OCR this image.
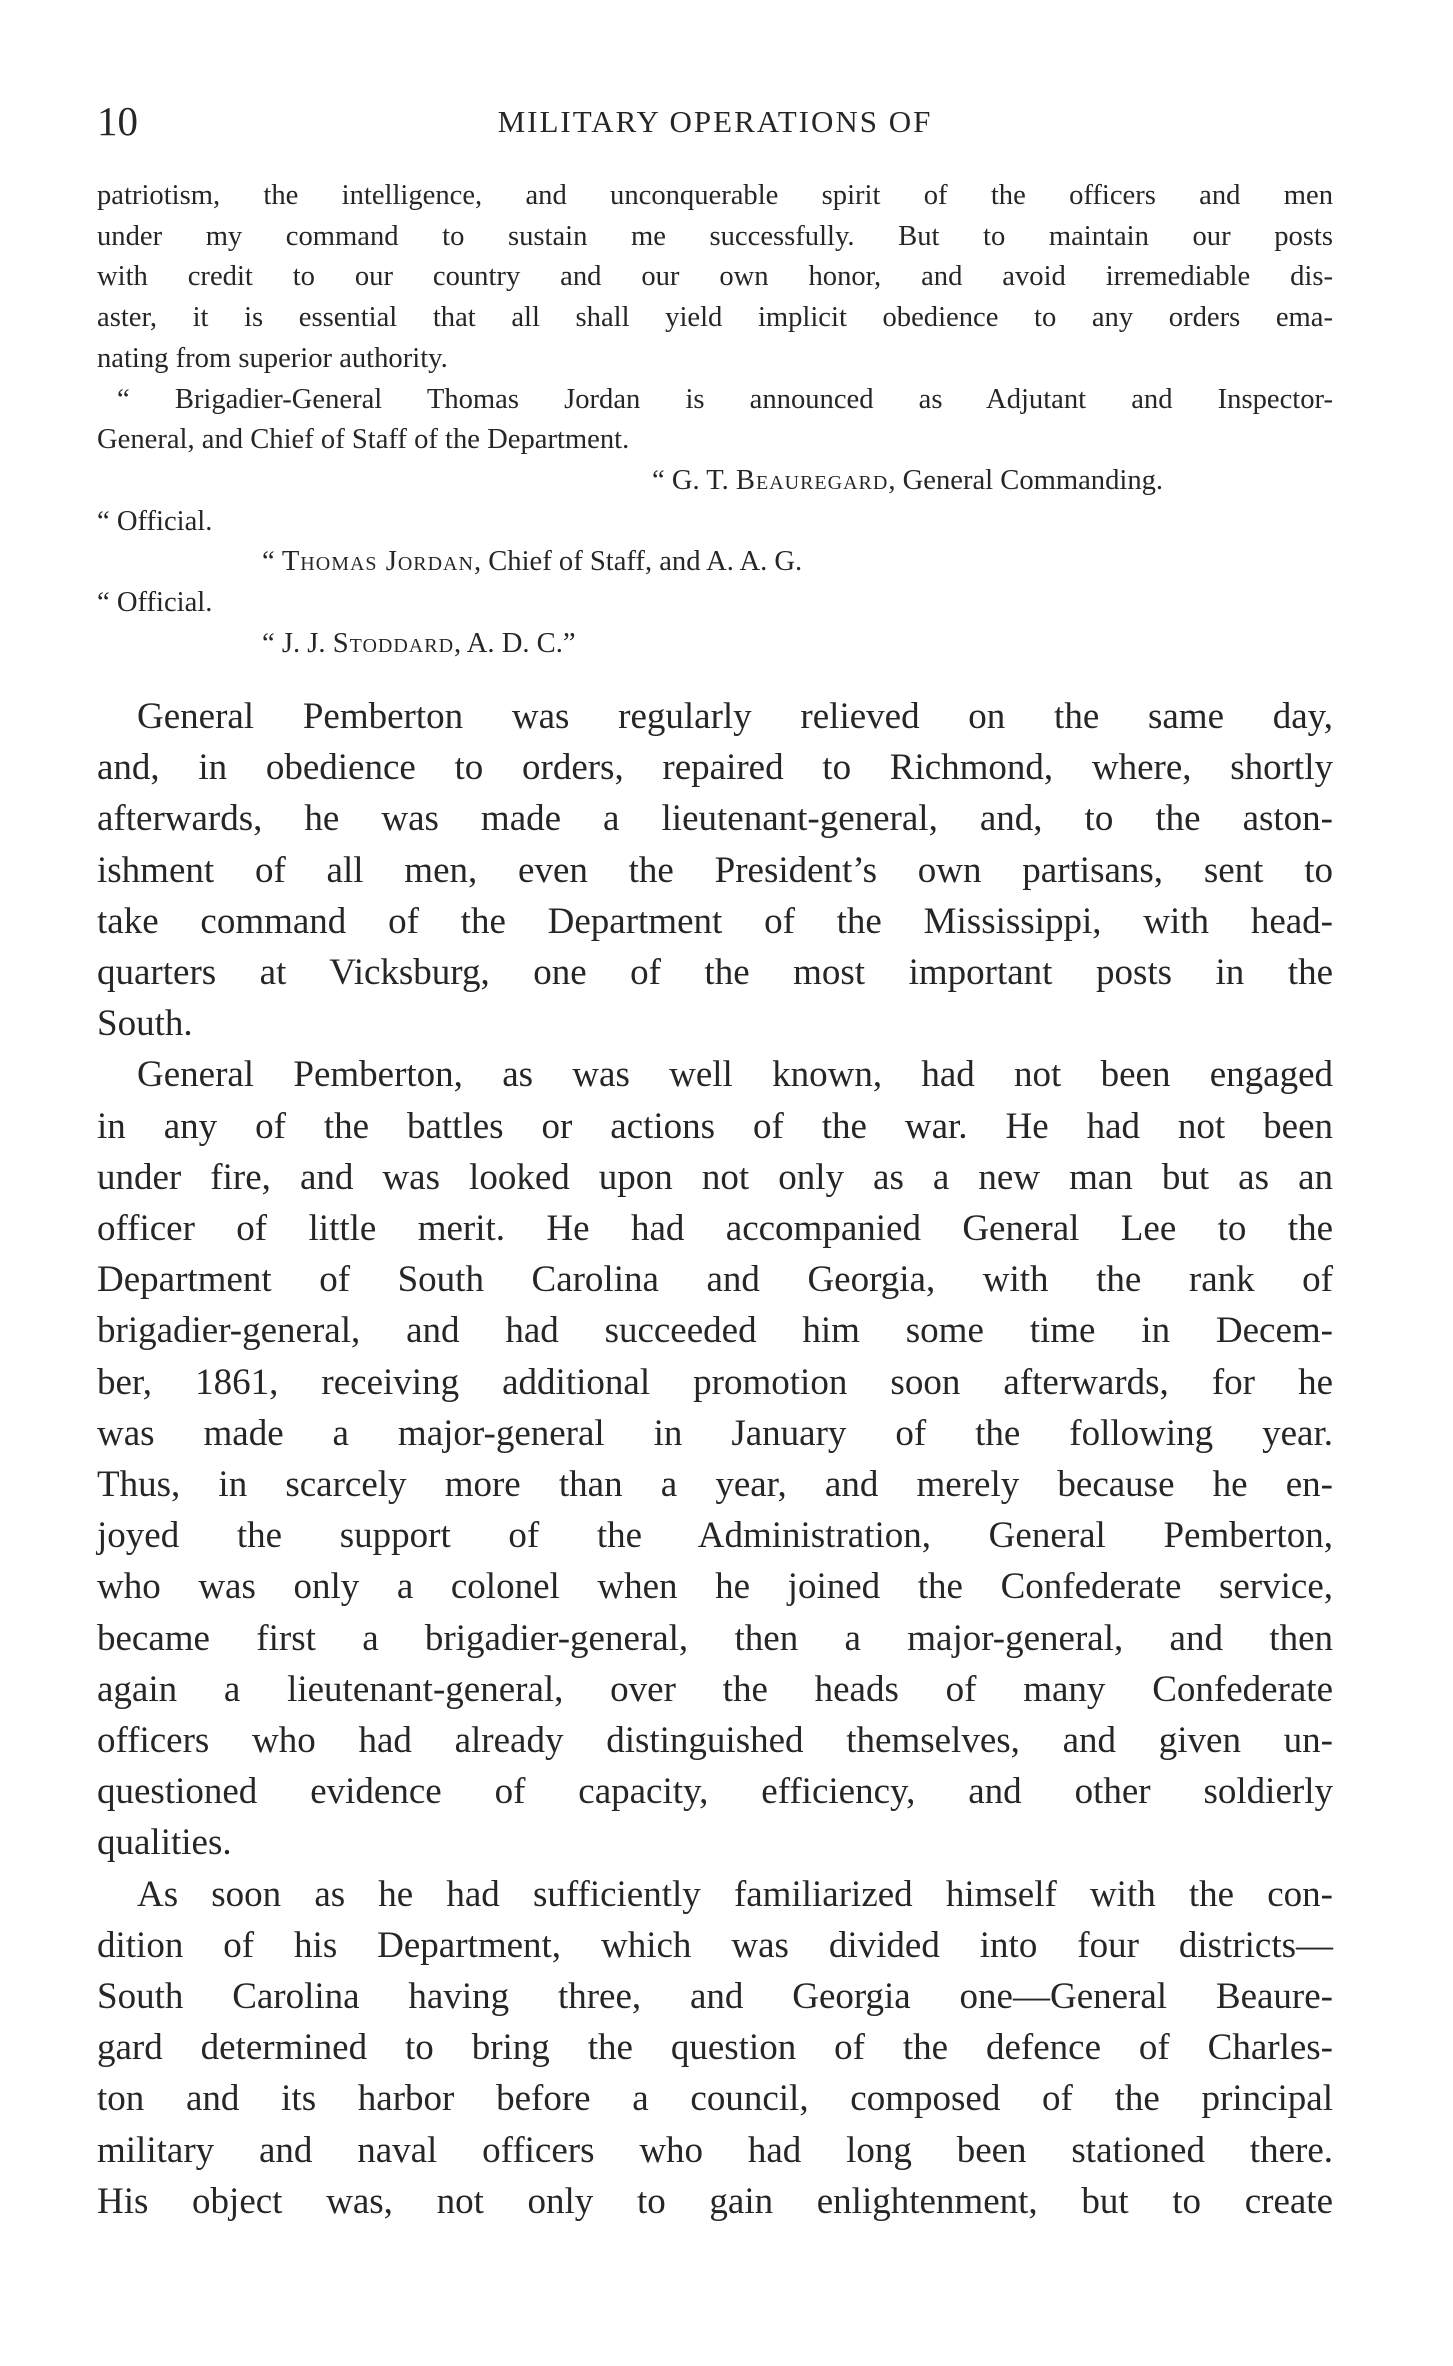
10	MILITARY OPERATIONS OF

patriotism, the intelligence, and unconquerable spirit of the officers and men

under my command to sustain me successfully. But to maintain our posts

with credit to our country and our own honor, and avoid irremediable dis-

aster, it is essential that all shall yield implicit obedience to any orders ema-

nating from superior authority.

“ Brigadier-General Thomas Jordan is announced as Adjutant and Inspector-

General, and Chief of Staff of the Department.

“ G. T. Beauregard, General Commanding.
“ Official.
“ Thomas Jordan, Chief of Staff, and A. A. G.
“ Official.
“ J. J. Stoddard, A. D. C.”

General Pemberton was regularly relieved on the same day,

and, in obedience to orders, repaired to Richmond, where, shortly

afterwards, he was made a lieutenant-general, and, to the aston-

ishment of all men, even the President’s own partisans, sent to

take command of the Department of the Mississippi, with head-

quarters at Vicksburg, one of the most important posts in the

South.

General Pemberton, as was well known, had not been engaged

in any of the battles or actions of the war. He had not been

under fire, and was looked upon not only as a new man but as an

officer of little merit. He had accompanied General Lee to the

Department of South Carolina and Georgia, with the rank of

brigadier-general, and had succeeded him some time in Decem-

ber, 1861, receiving additional promotion soon afterwards, for he

was made a major-general in January of the following year.

Thus, in scarcely more than a year, and merely because he en-

joyed the support of the Administration, General Pemberton,

who was only a colonel when he joined the Confederate service,

became first a brigadier-general, then a major-general, and then

again a lieutenant-general, over the heads of many Confederate

officers who had already distinguished themselves, and given un-

questioned evidence of capacity, efficiency, and other soldierly

qualities.

As soon as he had sufficiently familiarized himself with the con-

dition of his Department, which was divided into four districts—

South Carolina having three, and Georgia one—General Beaure-

gard determined to bring the question of the defence of Charles-

ton and its harbor before a council, composed of the principal

military and naval officers who had long been stationed there.

His object was, not only to gain enlightenment, but to create
